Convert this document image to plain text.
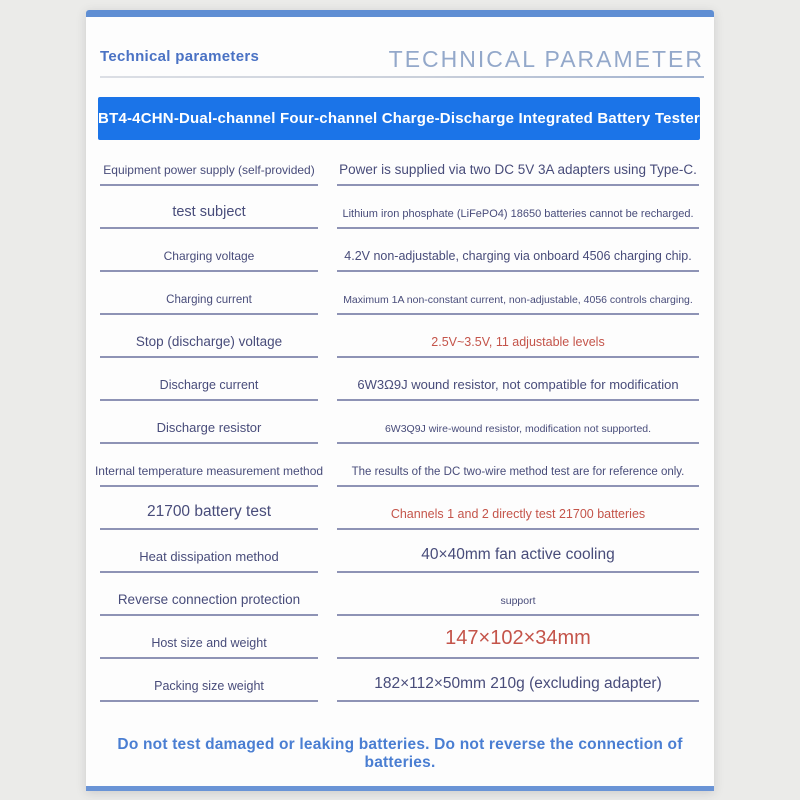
Technical parameters	TECHNICAL PARAMETER
BT4-4CHN-Dual-channel Four-channel Charge-Discharge Integrated Battery Tester
Equipment power supply (self-provided) Power is supplied via two DC 5V 3A adapters using Type-C.
test subject	Lithium iron phosphate (LiFePO4) 18650 batteries cannot be recharged.
Charging voltage	4.2V non-adjustable, charging via onboard 4506 charging chip.
Charging current	Maximum 1A non-constant current, non-adjustable, 4056 controls charging.
Stop (discharge) voltage	2.5V~3.5V, 11 adjustable levels
Discharge current	6W3Ω9J wound resistor, not compatible for modification
Discharge resistor	6W3Q9J wire-wound resistor, modification not supported.
Internal temperature measurement method	The results of the DC two-wire method test are for reference only.
21700 battery test	Channels 1 and 2 directly test 21700 batteries
Heat dissipation method	40×40mm fan active cooling
Reverse connection protection	support
Host size and weight	147×102×34mm
Packing size weight	182×112×50mm 210g (excluding adapter)
Do not test damaged or leaking batteries. Do not reverse the connection of batteries.
